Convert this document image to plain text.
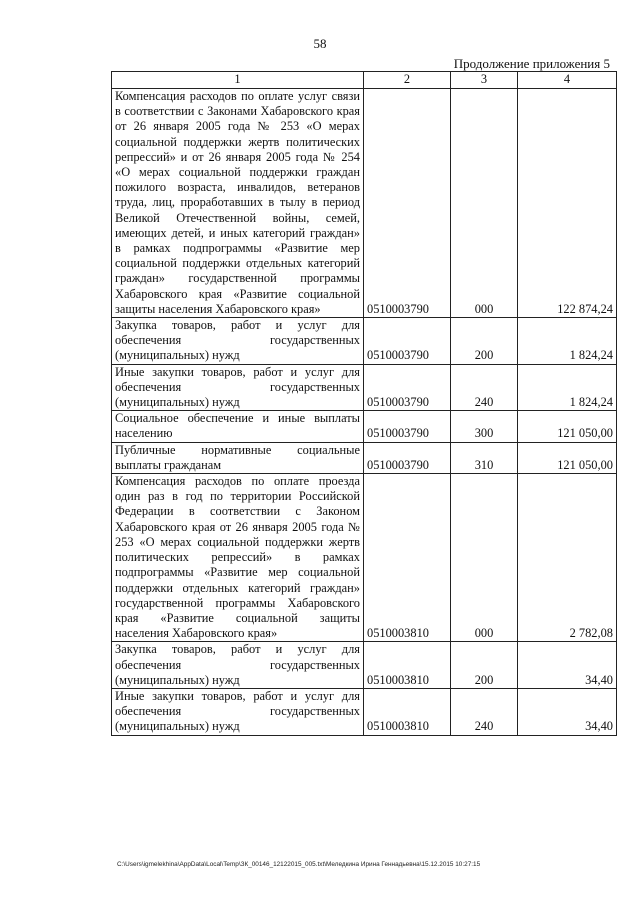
58
Продолжение приложения 5
1	2	3	4
Компенсация расходов по оплате услуг связи в соответствии с Законами Хабаровского края от 26 января 2005 года № 253 «О мерах социальной поддержки жертв политических репрессий» и от 26 января 2005 года № 254 «О мерах социальной поддержки граждан пожилого возраста, инвалидов, ветеранов труда, лиц, проработавших в тылу в период Великой Отечественной войны, семей, имеющих детей, и иных категорий граждан» в рамках подпрограммы «Развитие мер социальной поддержки отдельных категорий граждан» государственной программы Хабаровского края «Развитие социальной защиты населения Хабаровского края»	0510003790	000	122 874,24
Закупка товаров, работ и услуг для обеспечения государственных (муниципальных) нужд	0510003790	200	1 824,24
Иные закупки товаров, работ и услуг для обеспечения государственных (муниципальных) нужд	0510003790	240	1 824,24
Социальное обеспечение и иные выплаты населению	0510003790	300	121 050,00
Публичные нормативные социальные выплаты гражданам	0510003790	310	121 050,00
Компенсация расходов по оплате проезда один раз в год по территории Российской Федерации в соответствии с Законом Хабаровского края от 26 января 2005 года № 253 «О мерах социальной поддержки жертв политических репрессий» в рамках подпрограммы «Развитие мер социальной поддержки отдельных категорий граждан» государственной программы Хабаровского края «Развитие социальной защиты населения Хабаровского края»	0510003810	000	2 782,08
Закупка товаров, работ и услуг для обеспечения государственных (муниципальных) нужд	0510003810	200	34,40
Иные закупки товаров, работ и услуг для обеспечения государственных (муниципальных) нужд	0510003810	240	34,40
C:\Users\igmelekhina\AppData\Local\Temp\ЗК_00146_12122015_005.txt\Меледкина Ирина Геннадьевна\15.12.2015 10:27:15
